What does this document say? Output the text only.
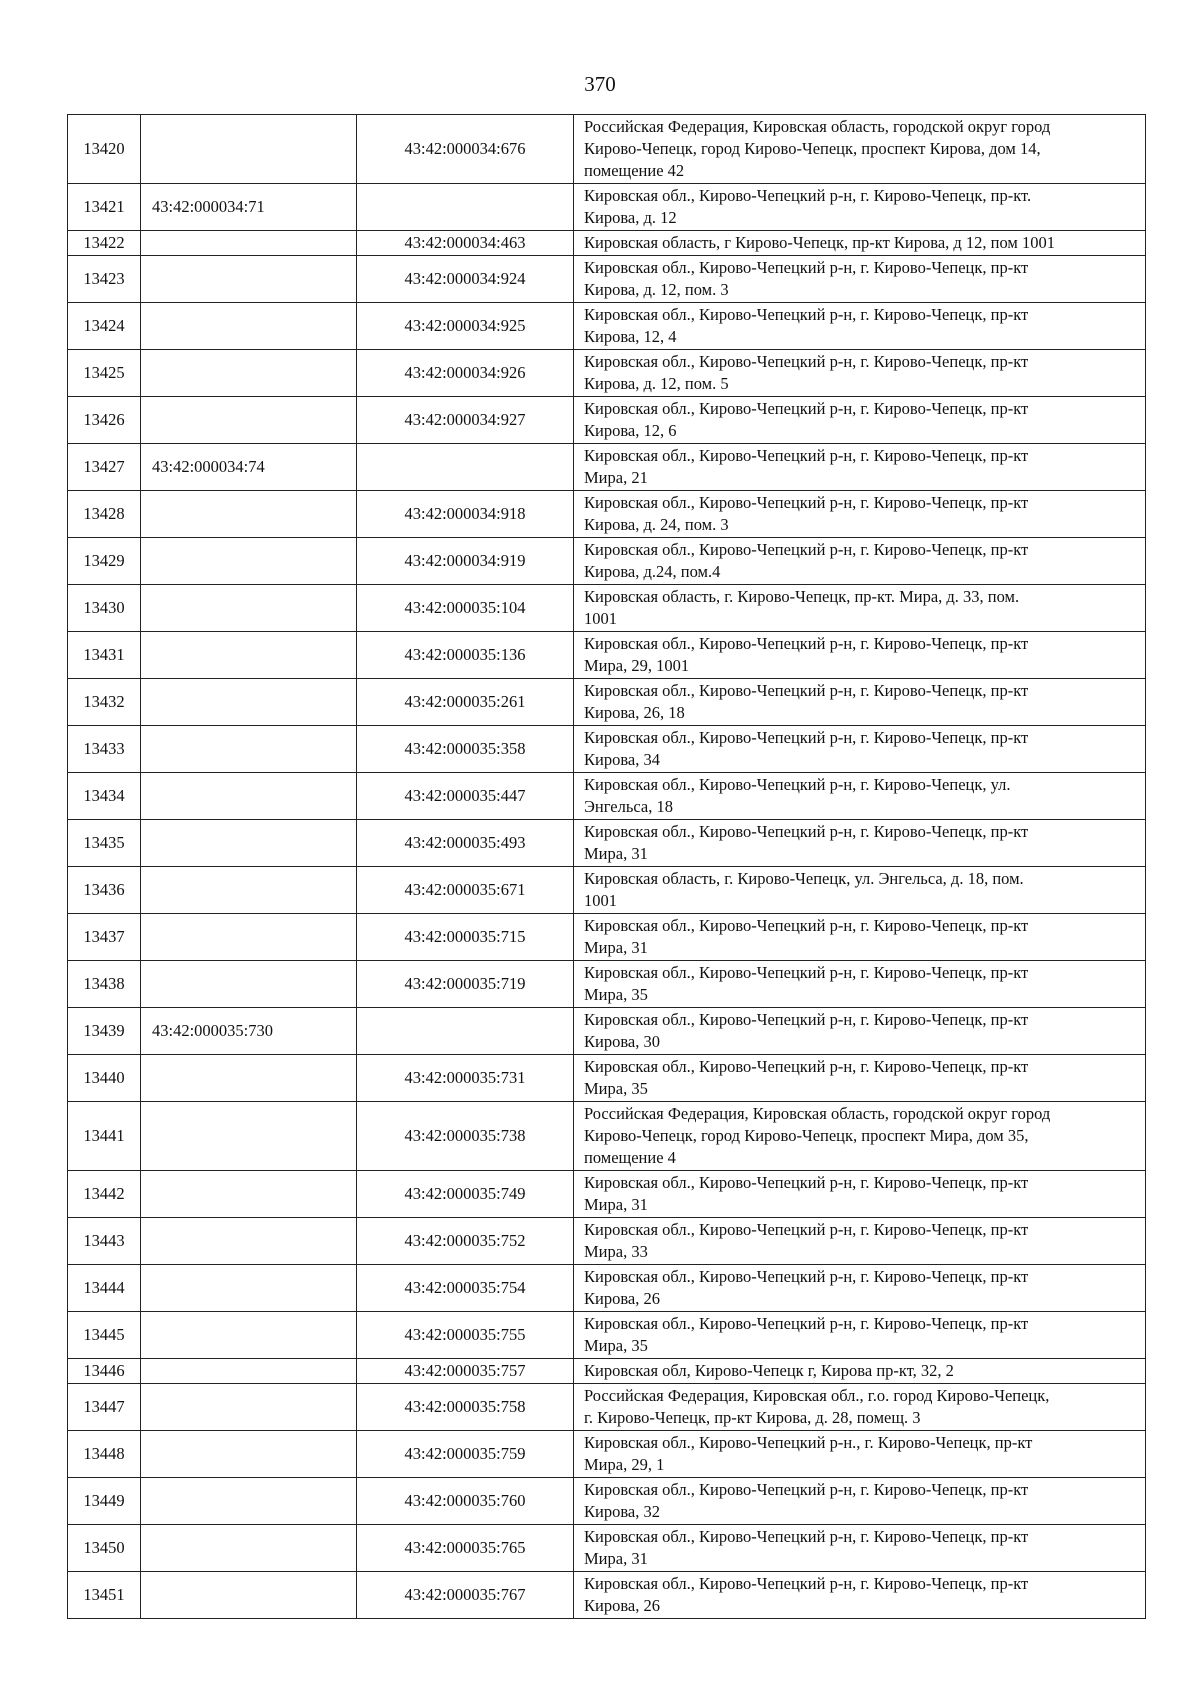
370
13420		43:42:000034:676	Российская Федерация, Кировская область, городской округ город
Кирово-Чепецк, город Кирово-Чепецк, проспект Кирова, дом 14,
помещение 42

13421	43:42:000034:71		Кировская обл., Кирово-Чепецкий р-н, г. Кирово-Чепецк, пр-кт.
Кирова, д. 12

13422		43:42:000034:463	Кировская область, г Кирово-Чепецк, пр-кт Кирова, д 12, пом 1001

13423		43:42:000034:924	Кировская обл., Кирово-Чепецкий р-н, г. Кирово-Чепецк, пр-кт
Кирова, д. 12, пом. 3

13424		43:42:000034:925	Кировская обл., Кирово-Чепецкий р-н, г. Кирово-Чепецк, пр-кт
Кирова, 12, 4

13425		43:42:000034:926	Кировская обл., Кирово-Чепецкий р-н, г. Кирово-Чепецк, пр-кт
Кирова, д. 12, пом. 5

13426		43:42:000034:927	Кировская обл., Кирово-Чепецкий р-н, г. Кирово-Чепецк, пр-кт
Кирова, 12, 6

13427	43:42:000034:74		Кировская обл., Кирово-Чепецкий р-н, г. Кирово-Чепецк, пр-кт
Мира, 21

13428		43:42:000034:918	Кировская обл., Кирово-Чепецкий р-н, г. Кирово-Чепецк, пр-кт
Кирова, д. 24, пом. 3

13429		43:42:000034:919	Кировская обл., Кирово-Чепецкий р-н, г. Кирово-Чепецк, пр-кт
Кирова, д.24, пом.4

13430		43:42:000035:104	Кировская область, г. Кирово-Чепецк, пр-кт. Мира, д. 33, пом.
1001

13431		43:42:000035:136	Кировская обл., Кирово-Чепецкий р-н, г. Кирово-Чепецк, пр-кт
Мира, 29, 1001

13432		43:42:000035:261	Кировская обл., Кирово-Чепецкий р-н, г. Кирово-Чепецк, пр-кт
Кирова, 26, 18

13433		43:42:000035:358	Кировская обл., Кирово-Чепецкий р-н, г. Кирово-Чепецк, пр-кт
Кирова, 34

13434		43:42:000035:447	Кировская обл., Кирово-Чепецкий р-н, г. Кирово-Чепецк, ул.
Энгельса, 18

13435		43:42:000035:493	Кировская обл., Кирово-Чепецкий р-н, г. Кирово-Чепецк, пр-кт
Мира, 31

13436		43:42:000035:671	Кировская область, г. Кирово-Чепецк, ул. Энгельса, д. 18, пом.
1001

13437		43:42:000035:715	Кировская обл., Кирово-Чепецкий р-н, г. Кирово-Чепецк, пр-кт
Мира, 31

13438		43:42:000035:719	Кировская обл., Кирово-Чепецкий р-н, г. Кирово-Чепецк, пр-кт
Мира, 35

13439	43:42:000035:730		Кировская обл., Кирово-Чепецкий р-н, г. Кирово-Чепецк, пр-кт
Кирова, 30

13440		43:42:000035:731	Кировская обл., Кирово-Чепецкий р-н, г. Кирово-Чепецк, пр-кт
Мира, 35

13441		43:42:000035:738	Российская Федерация, Кировская область, городской округ город
Кирово-Чепецк, город Кирово-Чепецк, проспект Мира, дом 35,
помещение 4

13442		43:42:000035:749	Кировская обл., Кирово-Чепецкий р-н, г. Кирово-Чепецк, пр-кт
Мира, 31

13443		43:42:000035:752	Кировская обл., Кирово-Чепецкий р-н, г. Кирово-Чепецк, пр-кт
Мира, 33

13444		43:42:000035:754	Кировская обл., Кирово-Чепецкий р-н, г. Кирово-Чепецк, пр-кт
Кирова, 26

13445		43:42:000035:755	Кировская обл., Кирово-Чепецкий р-н, г. Кирово-Чепецк, пр-кт
Мира, 35

13446		43:42:000035:757	Кировская обл, Кирово-Чепецк г, Кирова пр-кт, 32, 2

13447		43:42:000035:758	Российская Федерация, Кировская обл., г.о. город Кирово-Чепецк,
г. Кирово-Чепецк, пр-кт Кирова, д. 28, помещ. 3

13448		43:42:000035:759	Кировская обл., Кирово-Чепецкий р-н., г. Кирово-Чепецк, пр-кт
Мира, 29, 1

13449		43:42:000035:760	Кировская обл., Кирово-Чепецкий р-н, г. Кирово-Чепецк, пр-кт
Кирова, 32

13450		43:42:000035:765	Кировская обл., Кирово-Чепецкий р-н, г. Кирово-Чепецк, пр-кт
Мира, 31

13451		43:42:000035:767	Кировская обл., Кирово-Чепецкий р-н, г. Кирово-Чепецк, пр-кт
Кирова, 26
